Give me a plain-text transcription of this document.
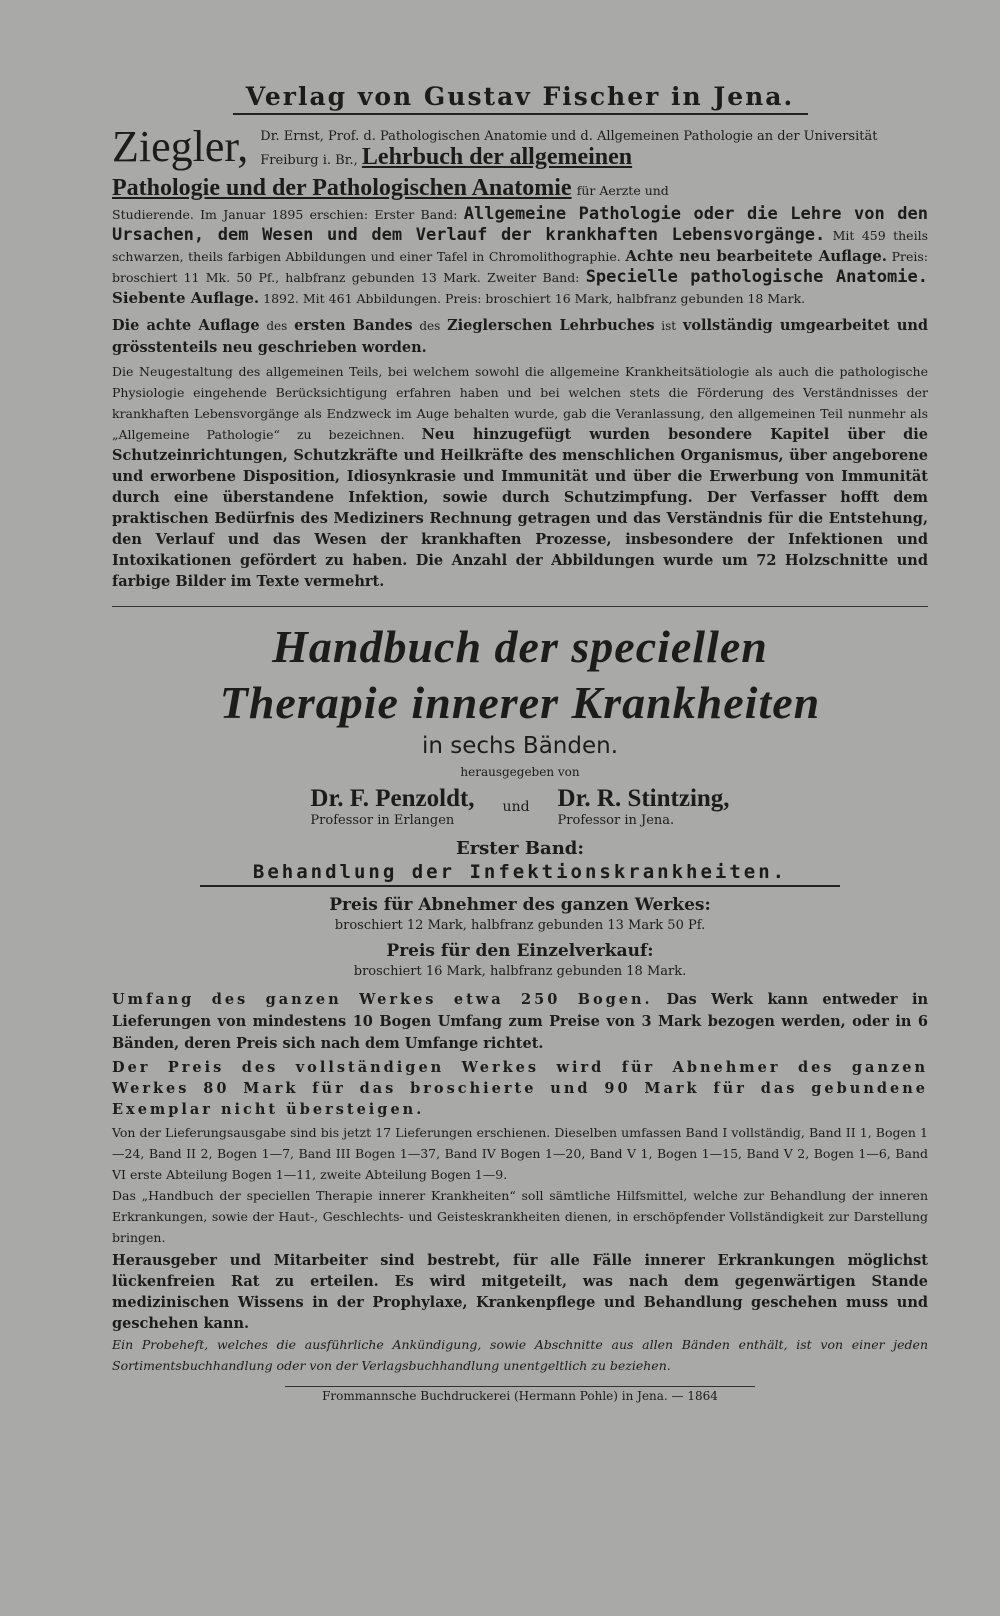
Verlag von Gustav Fischer in Jena.
Ziegler, Dr. Ernst, Prof. d. Pathologischen Anatomie und d. Allgemeinen Pathologie an der Universität Freiburg i. Br., Lehrbuch der allgemeinen
Pathologie und der Pathologischen Anatomie für Aerzte und
Studierende. Im Januar 1895 erschien: Erster Band: Allgemeine Pathologie oder die Lehre von den Ursachen, dem Wesen und dem Verlauf der krankhaften Lebensvorgänge. Mit 459 theils schwarzen, theils farbigen Abbildungen und einer Tafel in Chromolithographie. Achte neu bearbeitete Auflage. Preis: broschiert 11 Mk. 50 Pf., halbfranz gebunden 13 Mark. Zweiter Band: Specielle pathologische Anatomie. Siebente Auflage. 1892. Mit 461 Abbildungen. Preis: broschiert 16 Mark, halbfranz gebunden 18 Mark.
Die achte Auflage des ersten Bandes des Zieglerschen Lehrbuches ist vollständig umgearbeitet und grösstenteils neu geschrieben worden.
Die Neugestaltung des allgemeinen Teils, bei welchem sowohl die allgemeine Krankheitsätiologie als auch die pathologische Physiologie eingehende Berücksichtigung erfahren haben und bei welchen stets die Förderung des Verständnisses der krankhaften Lebensvorgänge als Endzweck im Auge behalten wurde, gab die Veranlassung, den allgemeinen Teil nunmehr als „Allgemeine Pathologie“ zu bezeichnen. Neu hinzugefügt wurden besondere Kapitel über die Schutzeinrichtungen, Schutzkräfte und Heilkräfte des menschlichen Organismus, über angeborene und erworbene Disposition, Idiosynkrasie und Immunität und über die Erwerbung von Immunität durch eine überstandene Infektion, sowie durch Schutzimpfung. Der Verfasser hofft dem praktischen Bedürfnis des Mediziners Rechnung getragen und das Verständnis für die Entstehung, den Verlauf und das Wesen der krankhaften Prozesse, insbesondere der Infektionen und Intoxikationen gefördert zu haben. Die Anzahl der Abbildungen wurde um 72 Holzschnitte und farbige Bilder im Texte vermehrt.
Handbuch der speciellen
Therapie innerer Krankheiten
in sechs Bänden.
herausgegeben von
Dr. F. Penzoldt,
Professor in Erlangen
und Dr. R. Stintzing,
Professor in Jena.
Erster Band:
Behandlung der Infektionskrankheiten.
Preis für Abnehmer des ganzen Werkes:
broschiert 12 Mark, halbfranz gebunden 13 Mark 50 Pf.
Preis für den Einzelverkauf:
broschiert 16 Mark, halbfranz gebunden 18 Mark.
Umfang des ganzen Werkes etwa 250 Bogen. Das Werk kann entweder in Lieferungen von mindestens 10 Bogen Umfang zum Preise von 3 Mark bezogen werden, oder in 6 Bänden, deren Preis sich nach dem Umfange richtet.
Der Preis des vollständigen Werkes wird für Abnehmer des ganzen Werkes 80 Mark für das broschierte und 90 Mark für das gebundene Exemplar nicht übersteigen.
Von der Lieferungsausgabe sind bis jetzt 17 Lieferungen erschienen. Dieselben umfassen Band I vollständig, Band II 1, Bogen 1—24, Band II 2, Bogen 1—7, Band III Bogen 1—37, Band IV Bogen 1—20, Band V 1, Bogen 1—15, Band V 2, Bogen 1—6, Band VI erste Abteilung Bogen 1—11, zweite Abteilung Bogen 1—9.
Das „Handbuch der speciellen Therapie innerer Krankheiten“ soll sämtliche Hilfsmittel, welche zur Behandlung der inneren Erkrankungen, sowie der Haut-, Geschlechts- und Geisteskrankheiten dienen, in erschöpfender Vollständigkeit zur Darstellung bringen.
Herausgeber und Mitarbeiter sind bestrebt, für alle Fälle innerer Erkrankungen möglichst lückenfreien Rat zu erteilen. Es wird mitgeteilt, was nach dem gegenwärtigen Stande medizinischen Wissens in der Prophylaxe, Krankenpflege und Behandlung geschehen muss und geschehen kann.
Ein Probeheft, welches die ausführliche Ankündigung, sowie Abschnitte aus allen Bänden enthält, ist von einer jeden Sortimentsbuchhandlung oder von der Verlagsbuchhandlung unentgeltlich zu beziehen.
Frommannsche Buchdruckerei (Hermann Pohle) in Jena. — 1864
